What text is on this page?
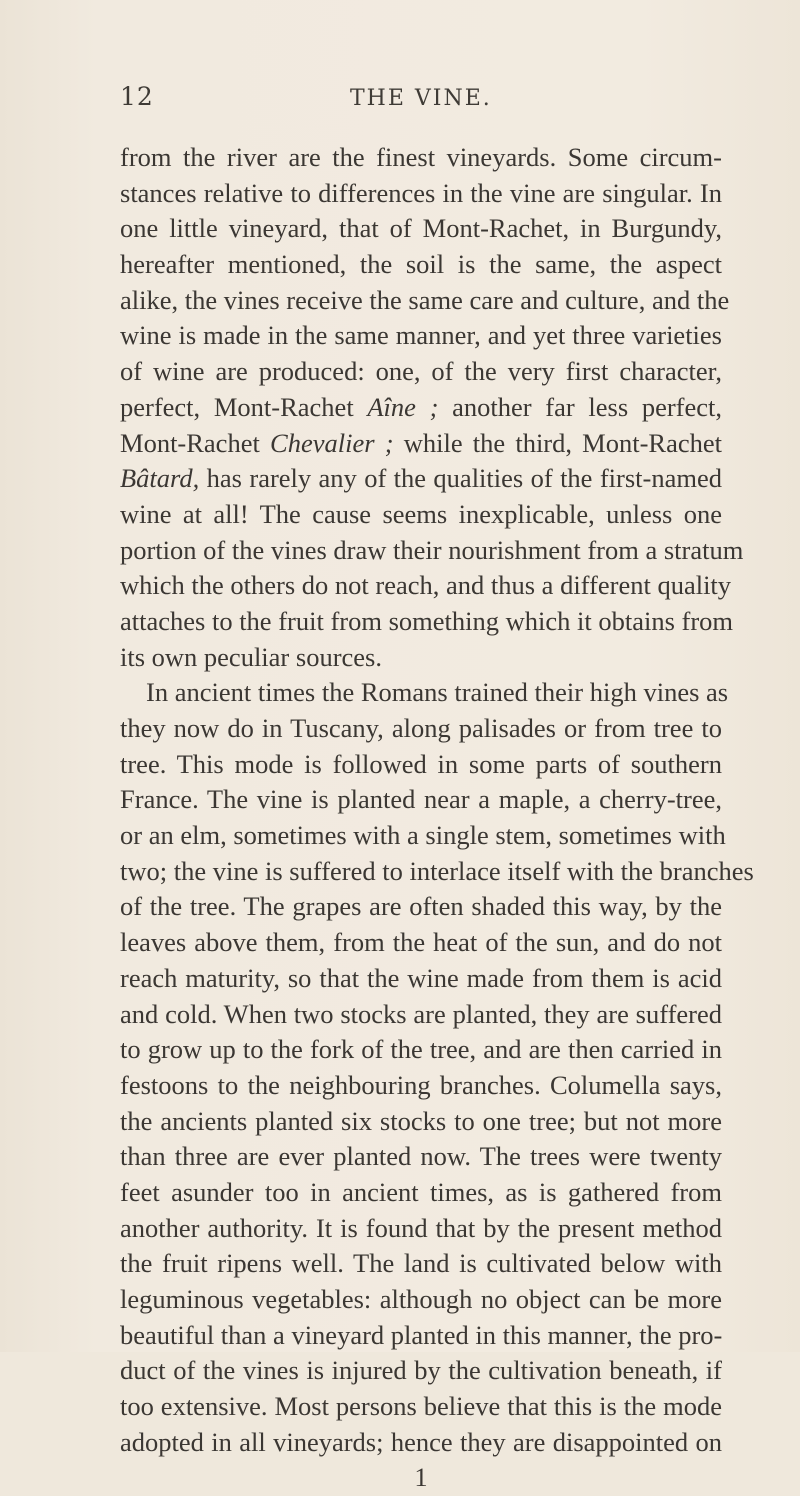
12	THE VINE.
from the river are the finest vineyards. Some circum-
stances relative to differences in the vine are singular. In
one little vineyard, that of Mont-Rachet, in Burgundy,
hereafter mentioned, the soil is the same, the aspect
alike, the vines receive the same care and culture, and the
wine is made in the same manner, and yet three varieties
of wine are produced: one, of the very first character,
perfect, Mont-Rachet Aîne ; another far less perfect,
Mont-Rachet Chevalier ; while the third, Mont-Rachet
Bâtard, has rarely any of the qualities of the first-named
wine at all! The cause seems inexplicable, unless one
portion of the vines draw their nourishment from a stratum
which the others do not reach, and thus a different quality
attaches to the fruit from something which it obtains from
its own peculiar sources.
In ancient times the Romans trained their high vines as
they now do in Tuscany, along palisades or from tree to
tree. This mode is followed in some parts of southern
France. The vine is planted near a maple, a cherry-tree,
or an elm, sometimes with a single stem, sometimes with
two; the vine is suffered to interlace itself with the branches
of the tree. The grapes are often shaded this way, by the
leaves above them, from the heat of the sun, and do not
reach maturity, so that the wine made from them is acid
and cold. When two stocks are planted, they are suffered
to grow up to the fork of the tree, and are then carried in
festoons to the neighbouring branches. Columella says,
the ancients planted six stocks to one tree; but not more
than three are ever planted now. The trees were twenty
feet asunder too in ancient times, as is gathered from
another authority. It is found that by the present method
the fruit ripens well. The land is cultivated below with
leguminous vegetables: although no object can be more
beautiful than a vineyard planted in this manner, the pro-
duct of the vines is injured by the cultivation beneath, if
too extensive. Most persons believe that this is the mode
adopted in all vineyards; hence they are disappointed on
1
